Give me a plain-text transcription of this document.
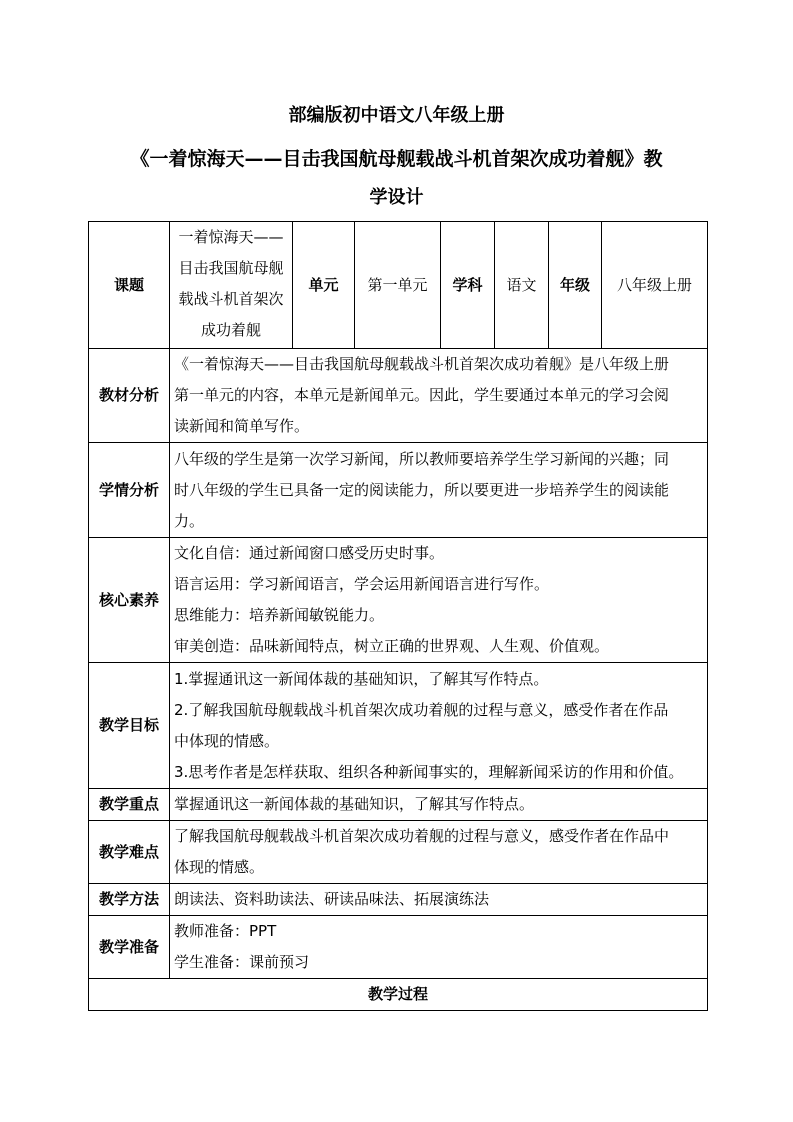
部编版初中语文八年级上册
《一着惊海天——目击我国航母舰载战斗机首架次成功着舰》教
学设计
课题	一着惊海天——
目击我国航母舰
载战斗机首架次
成功着舰	单元	第一单元	学科	语文	年级	八年级上册
教材分析	《一着惊海天——目击我国航母舰载战斗机首架次成功着舰》是八年级上册
第一单元的内容，本单元是新闻单元。因此，学生要通过本单元的学习会阅
读新闻和简单写作。						

学情分析	八年级的学生是第一次学习新闻，所以教师要培养学生学习新闻的兴趣；同
时八年级的学生已具备一定的阅读能力，所以要更进一步培养学生的阅读能
力。						

核心素养	文化自信：通过新闻窗口感受历史时事。
语言运用：学习新闻语言，学会运用新闻语言进行写作。
思维能力：培养新闻敏锐能力。
审美创造：品味新闻特点，树立正确的世界观、人生观、价值观。						

教学目标	1.掌握通讯这一新闻体裁的基础知识，了解其写作特点。
2.了解我国航母舰载战斗机首架次成功着舰的过程与意义，感受作者在作品
中体现的情感。
3.思考作者是怎样获取、组织各种新闻事实的，理解新闻采访的作用和价值。						

教学重点	掌握通讯这一新闻体裁的基础知识，了解其写作特点。						

教学难点	了解我国航母舰载战斗机首架次成功着舰的过程与意义，感受作者在作品中
体现的情感。						

教学方法	朗读法、资料助读法、研读品味法、拓展演练法						

教学准备	教师准备：PPT
学生准备：课前预习						

教学过程							
